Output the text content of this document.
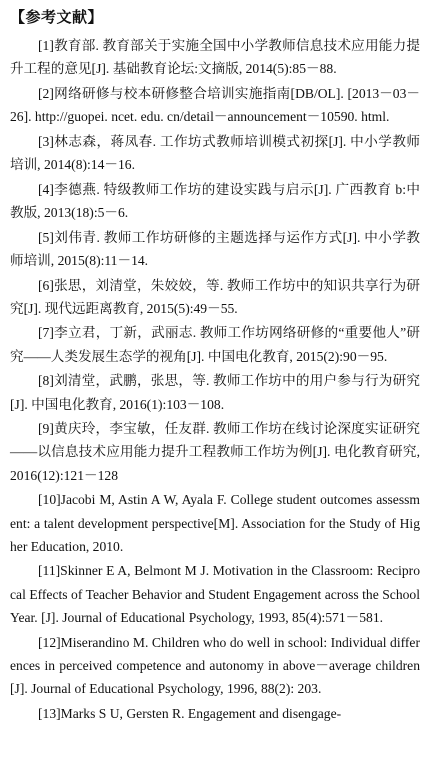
【参考文献】
[1]教育部. 教育部关于实施全国中小学教师信息技术应用能力提升工程的意见[J]. 基础教育论坛:文摘版, 2014(5):85－88.
[2]网络研修与校本研修整合培训实施指南[DB/OL]. [2013－03－26]. http://guopei. ncet. edu. cn/detail－announcement－10590. html.
[3]林志森，蒋凤春. 工作坊式教师培训模式初探[J]. 中小学教师培训, 2014(8):14－16.
[4]李德燕. 特级教师工作坊的建设实践与启示[J]. 广西教育 b:中教版, 2013(18):5－6.
[5]刘伟青. 教师工作坊研修的主题选择与运作方式[J]. 中小学教师培训, 2015(8):11－14.
[6]张思，刘清堂，朱姣姣，等. 教师工作坊中的知识共享行为研究[J]. 现代远距离教育, 2015(5):49－55.
[7]李立君，丁新，武丽志. 教师工作坊网络研修的“重要他人”研究——人类发展生态学的视角[J]. 中国电化教育, 2015(2):90－95.
[8]刘清堂，武鹏，张思，等. 教师工作坊中的用户参与行为研究[J]. 中国电化教育, 2016(1):103－108.
[9]黄庆玲，李宝敏，任友群. 教师工作坊在线讨论深度实证研究——以信息技术应用能力提升工程教师工作坊为例[J]. 电化教育研究, 2016(12):121－128
[10]Jacobi M, Astin A W, Ayala F. College student outcomes assessment: a talent development perspective[M]. Association for the Study of Higher Education, 2010.
[11]Skinner E A, Belmont M J. Motivation in the Classroom: Reciprocal Effects of Teacher Behavior and Student Engagement across the School Year. [J]. Journal of Educational Psychology, 1993, 85(4):571－581.
[12]Miserandino M. Children who do well in school: Individual differences in perceived competence and autonomy in above－average children[J]. Journal of Educational Psychology, 1996, 88(2): 203.
[13]Marks S U, Gersten R. Engagement and disengage-
